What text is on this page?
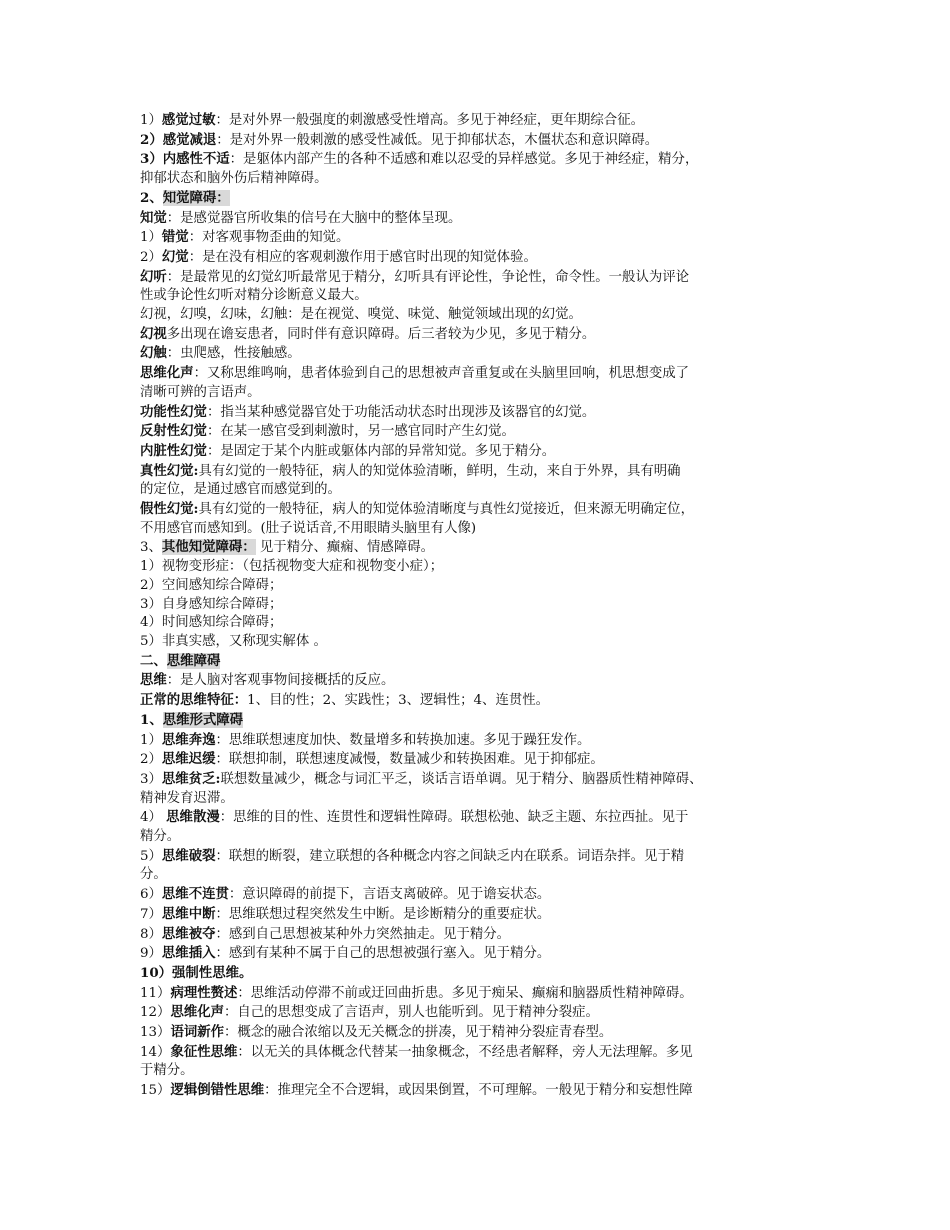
1）感觉过敏：是对外界一般强度的刺激感受性增高。多见于神经症，更年期综合征。
2）感觉减退：是对外界一般刺激的感受性减低。见于抑郁状态，木僵状态和意识障碍。
3）内感性不适：是躯体内部产生的各种不适感和难以忍受的异样感觉。多见于神经症，精分，
抑郁状态和脑外伤后精神障碍。
2、知觉障碍：
知觉：是感觉器官所收集的信号在大脑中的整体呈现。
1）错觉：对客观事物歪曲的知觉。
2）幻觉：是在没有相应的客观刺激作用于感官时出现的知觉体验。
幻听：是最常见的幻觉幻听最常见于精分，幻听具有评论性，争论性，命令性。一般认为评论
性或争论性幻听对精分诊断意义最大。
幻视，幻嗅，幻味，幻触：是在视觉、嗅觉、味觉、触觉领域出现的幻觉。
幻视多出现在谵妄患者，同时伴有意识障碍。后三者较为少见，多见于精分。
幻触：虫爬感，性接触感。
思维化声：又称思维鸣响，患者体验到自己的思想被声音重复或在头脑里回响，机思想变成了
清晰可辨的言语声。
功能性幻觉：指当某种感觉器官处于功能活动状态时出现涉及该器官的幻觉。
反射性幻觉：在某一感官受到刺激时，另一感官同时产生幻觉。
内脏性幻觉：是固定于某个内脏或躯体内部的异常知觉。多见于精分。
真性幻觉:具有幻觉的一般特征，病人的知觉体验清晰，鲜明，生动，来自于外界，具有明确
的定位，是通过感官而感觉到的。
假性幻觉:具有幻觉的一般特征，病人的知觉体验清晰度与真性幻觉接近，但来源无明确定位，
不用感官而感知到。(肚子说话音,不用眼睛头脑里有人像)
3、其他知觉障碍： 见于精分、癫痫、情感障碍。
1）视物变形症：（包括视物变大症和视物变小症）；
2）空间感知综合障碍；
3）自身感知综合障碍；
4）时间感知综合障碍；
5）非真实感，又称现实解体 。
二、思维障碍
思维：是人脑对客观事物间接概括的反应。
正常的思维特征：1、目的性；2、实践性；3、逻辑性；4、连贯性。
1、思维形式障碍
1）思维奔逸：思维联想速度加快、数量增多和转换加速。多见于躁狂发作。
2）思维迟缓：联想抑制，联想速度减慢，数量减少和转换困难。见于抑郁症。
3）思维贫乏:联想数量减少，概念与词汇平乏，谈话言语单调。见于精分、脑器质性精神障碍、
精神发育迟滞。
4） 思维散漫：思维的目的性、连贯性和逻辑性障碍。联想松弛、缺乏主题、东拉西扯。见于
精分。
5）思维破裂：联想的断裂，建立联想的各种概念内容之间缺乏内在联系。词语杂拌。见于精
分。
6）思维不连贯：意识障碍的前提下，言语支离破碎。见于谵妄状态。
7）思维中断：思维联想过程突然发生中断。是诊断精分的重要症状。
8）思维被夺：感到自己思想被某种外力突然抽走。见于精分。
9）思维插入：感到有某种不属于自己的思想被强行塞入。见于精分。
10）强制性思维。
11）病理性赘述：思维活动停滞不前或迂回曲折患。多见于痴呆、癫痫和脑器质性精神障碍。
12）思维化声：自己的思想变成了言语声，别人也能听到。见于精神分裂症。
13）语词新作：概念的融合浓缩以及无关概念的拼凑，见于精神分裂症青春型。
14）象征性思维：以无关的具体概念代替某一抽象概念，不经患者解释，旁人无法理解。多见
于精分。
15）逻辑倒错性思维：推理完全不合逻辑，或因果倒置，不可理解。一般见于精分和妄想性障
